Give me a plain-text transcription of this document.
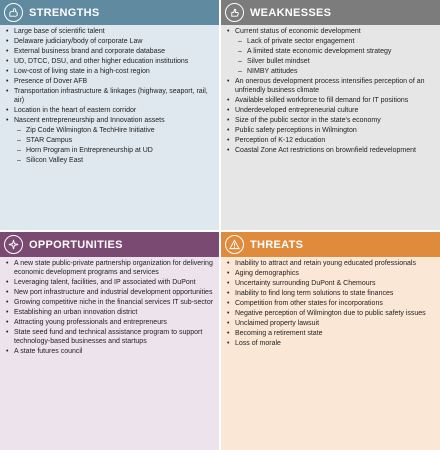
STRENGTHS
• Large base of scientific talent
• Delaware judiciary/body of corporate Law
• External business brand and corporate database
• UD, DTCC, DSU, and other higher education institutions
• Low-cost of living state in a high-cost region
• Presence of Dover AFB
• Transportation infrastructure & linkages (highway, seaport, rail, air)
• Location in the heart of eastern corridor
• Nascent entrepreneurship and Innovation assets
– Zip Code Wilmington & TechHire Initiative
– STAR Campus
– Horn Program in Entrepreneurship at UD
– Silicon Valley East
WEAKNESSES
• Current status of economic development
– Lack of private sector engagement
– A limited state economic development strategy
– Silver bullet mindset
– NIMBY attitudes
• An onerous development process intensifies perception of an unfriendly business climate
• Available skilled workforce to fill demand for IT positions
• Underdeveloped entrepreneurial culture
• Size of the public sector in the state's economy
• Public safety perceptions in Wilmington
• Perception of K-12 education
• Coastal Zone Act restrictions on brownfield redevelopment
OPPORTUNITIES
• A new state public-private partnership organization for delivering economic development programs and services
• Leveraging talent, facilities, and IP associated with DuPont
• New port infrastructure and industrial development opportunities
• Growing competitive niche in the financial services IT sub-sector
• Establishing an urban innovation district
• Attracting young professionals and entrepreneurs
• State seed fund and technical assistance program to support technology-based businesses and startups
• A state futures council
THREATS
• Inability to attract and retain young educated professionals
• Aging demographics
• Uncertainty surrounding DuPont & Chemours
• Inability to find long term solutions to state finances
• Competition from other states for incorporations
• Negative perception of Wilmington due to public safety issues
• Unclaimed property lawsuit
• Becoming a retirement state
• Loss of morale
